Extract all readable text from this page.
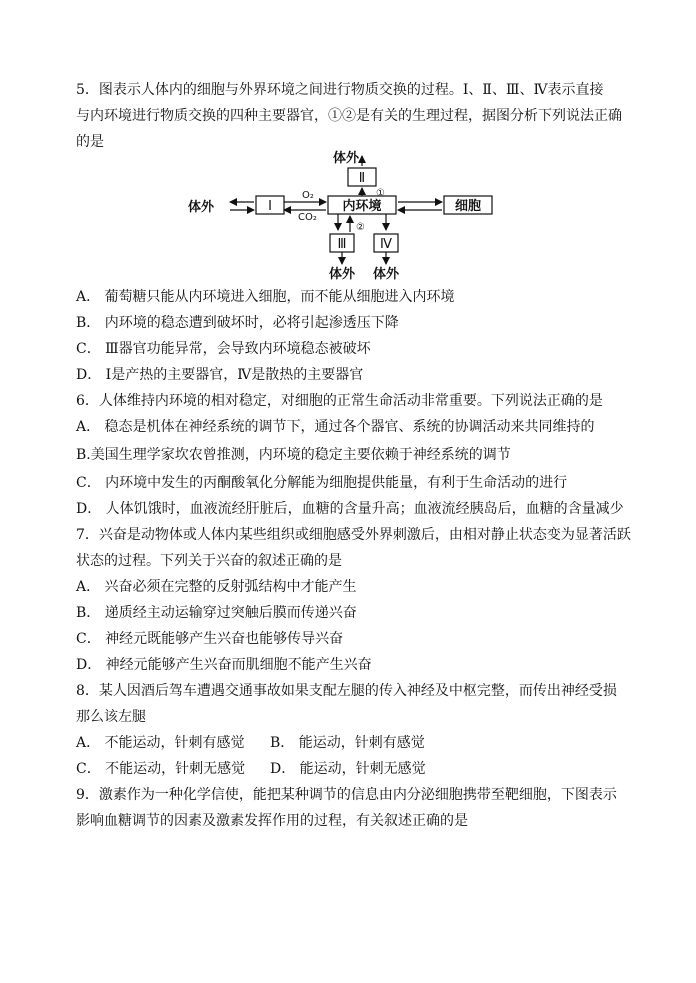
5．图表示人体内的细胞与外界环境之间进行物质交换的过程。Ⅰ、Ⅱ、Ⅲ、Ⅳ表示直接
与内环境进行物质交换的四种主要器官，①②是有关的生理过程，据图分析下列说法正确
的是
体外
Ⅱ
①
体外	Ⅰ
O₂
CO₂
内环境	细胞
②
Ⅲ
体外
Ⅳ
体外
A． 葡萄糖只能从内环境进入细胞，而不能从细胞进入内环境
B． 内环境的稳态遭到破坏时，必将引起渗透压下降
C． Ⅲ器官功能异常，会导致内环境稳态被破坏
D． Ⅰ是产热的主要器官，Ⅳ是散热的主要器官
6．人体维持内环境的相对稳定，对细胞的正常生命活动非常重要。下列说法正确的是
A． 稳态是机体在神经系统的调节下，通过各个器官、系统的协调活动来共同维持的
B.美国生理学家坎农曾推测，内环境的稳定主要依赖于神经系统的调节
C． 内环境中发生的丙酮酸氧化分解能为细胞提供能量，有利于生命活动的进行
D． 人体饥饿时，血液流经肝脏后，血糖的含量升高；血液流经胰岛后，血糖的含量减少
7．兴奋是动物体或人体内某些组织或细胞感受外界刺激后，由相对静止状态变为显著活跃
状态的过程。下列关于兴奋的叙述正确的是
A． 兴奋必须在完整的反射弧结构中才能产生
B． 递质经主动运输穿过突触后膜而传递兴奋
C． 神经元既能够产生兴奋也能够传导兴奋
D． 神经元能够产生兴奋而肌细胞不能产生兴奋
8．某人因酒后驾车遭遇交通事故如果支配左腿的传入神经及中枢完整，而传出神经受损
那么该左腿
A． 不能运动，针刺有感觉 B． 能运动，针刺有感觉
C． 不能运动，针刺无感觉 D． 能运动，针刺无感觉
9．激素作为一种化学信使，能把某种调节的信息由内分泌细胞携带至靶细胞，下图表示
影响血糖调节的因素及激素发挥作用的过程，有关叙述正确的是
